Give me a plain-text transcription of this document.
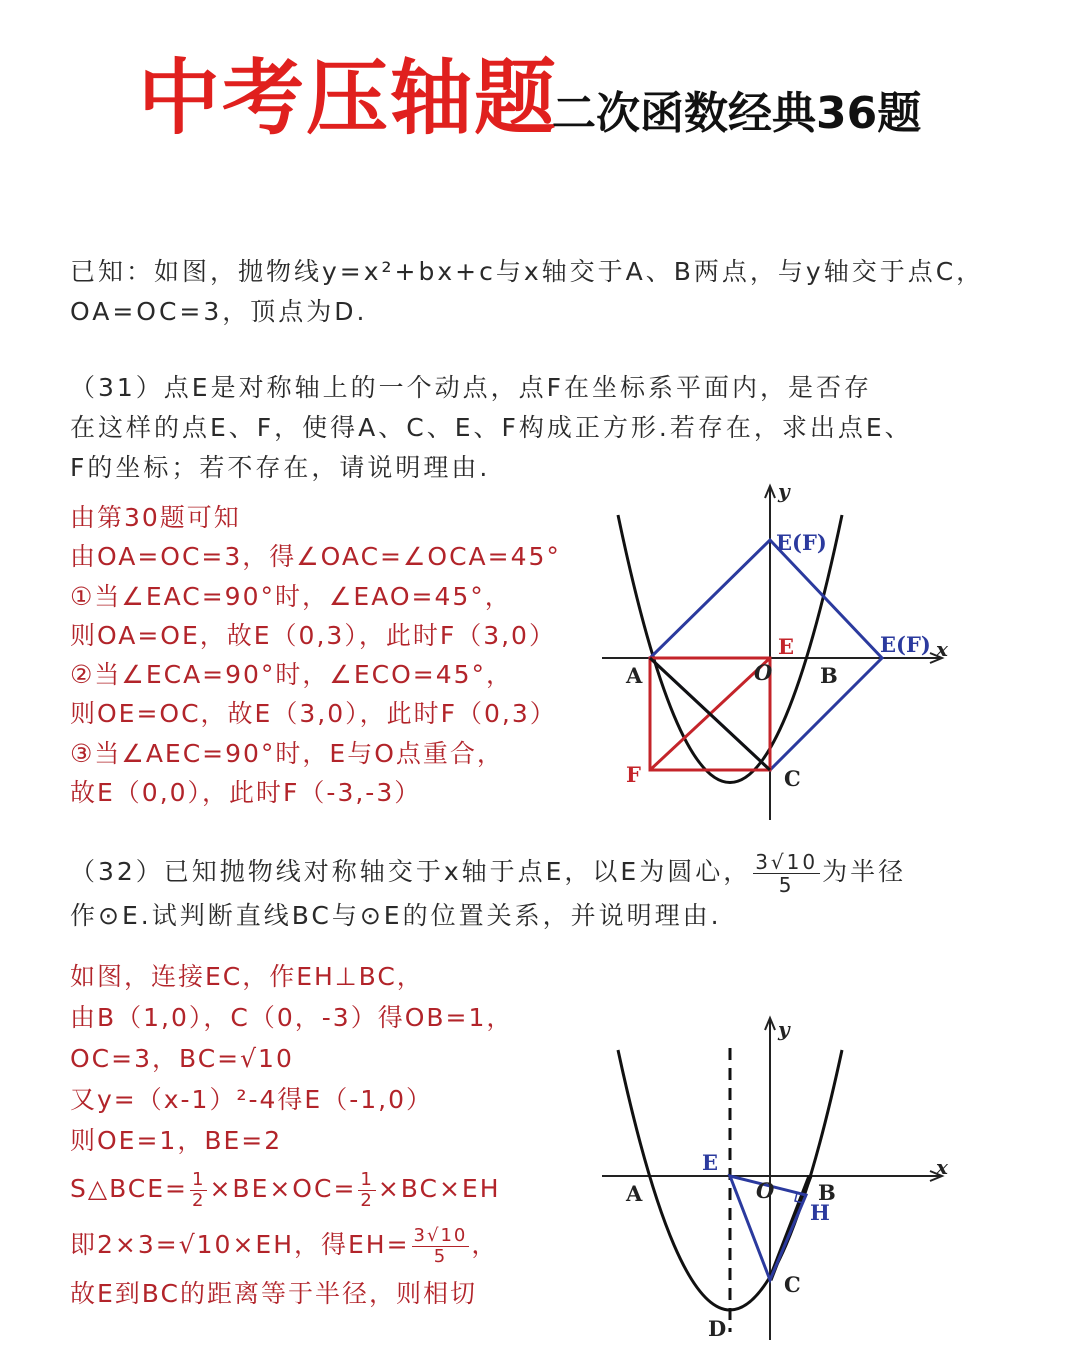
中考压轴题
二次函数经典36题
已知：如图，抛物线y=x²+bx+c与x轴交于A、B两点，与y轴交于点C，
OA=OC=3，顶点为D.
（31）点E是对称轴上的一个动点，点F在坐标系平面内，是否存
在这样的点E、F，使得A、C、E、F构成正方形.若存在，求出点E、
F的坐标；若不存在，请说明理由.
由第30题可知
由OA=OC=3，得∠OAC=∠OCA=45°
①当∠EAC=90°时，∠EAO=45°，
则OA=OE，故E（0,3），此时F（3,0）
②当∠ECA=90°时，∠ECO=45°，
则OE=OC，故E（3,0），此时F（0,3）
③当∠AEC=90°时，E与O点重合，
故E（0,0），此时F（-3,-3）
y
x
E(F)
E(F)
E
A	O B
F	C
（32）已知抛物线对称轴交于x轴于点E，以E为圆心， $\frac{3√10}{5}$ 为半径
作⊙E.试判断直线BC与⊙E的位置关系，并说明理由.
如图，连接EC，作EH⊥BC，
由B（1,0），C（0，-3）得OB=1，
OC=3，BC=√10
又y=（x-1）²-4得E（-1,0）
则OE=1，BE=2
S△BCE= $\frac{1}{2} \times BE\times OC= \frac{1}{2} \times BC\times EH$
即2×3=√10×EH，得$EH= \frac{3√10}{5}$ ，
故E到BC的距离等于半径，则相切
y
x
E
A	O B
H
C
D
